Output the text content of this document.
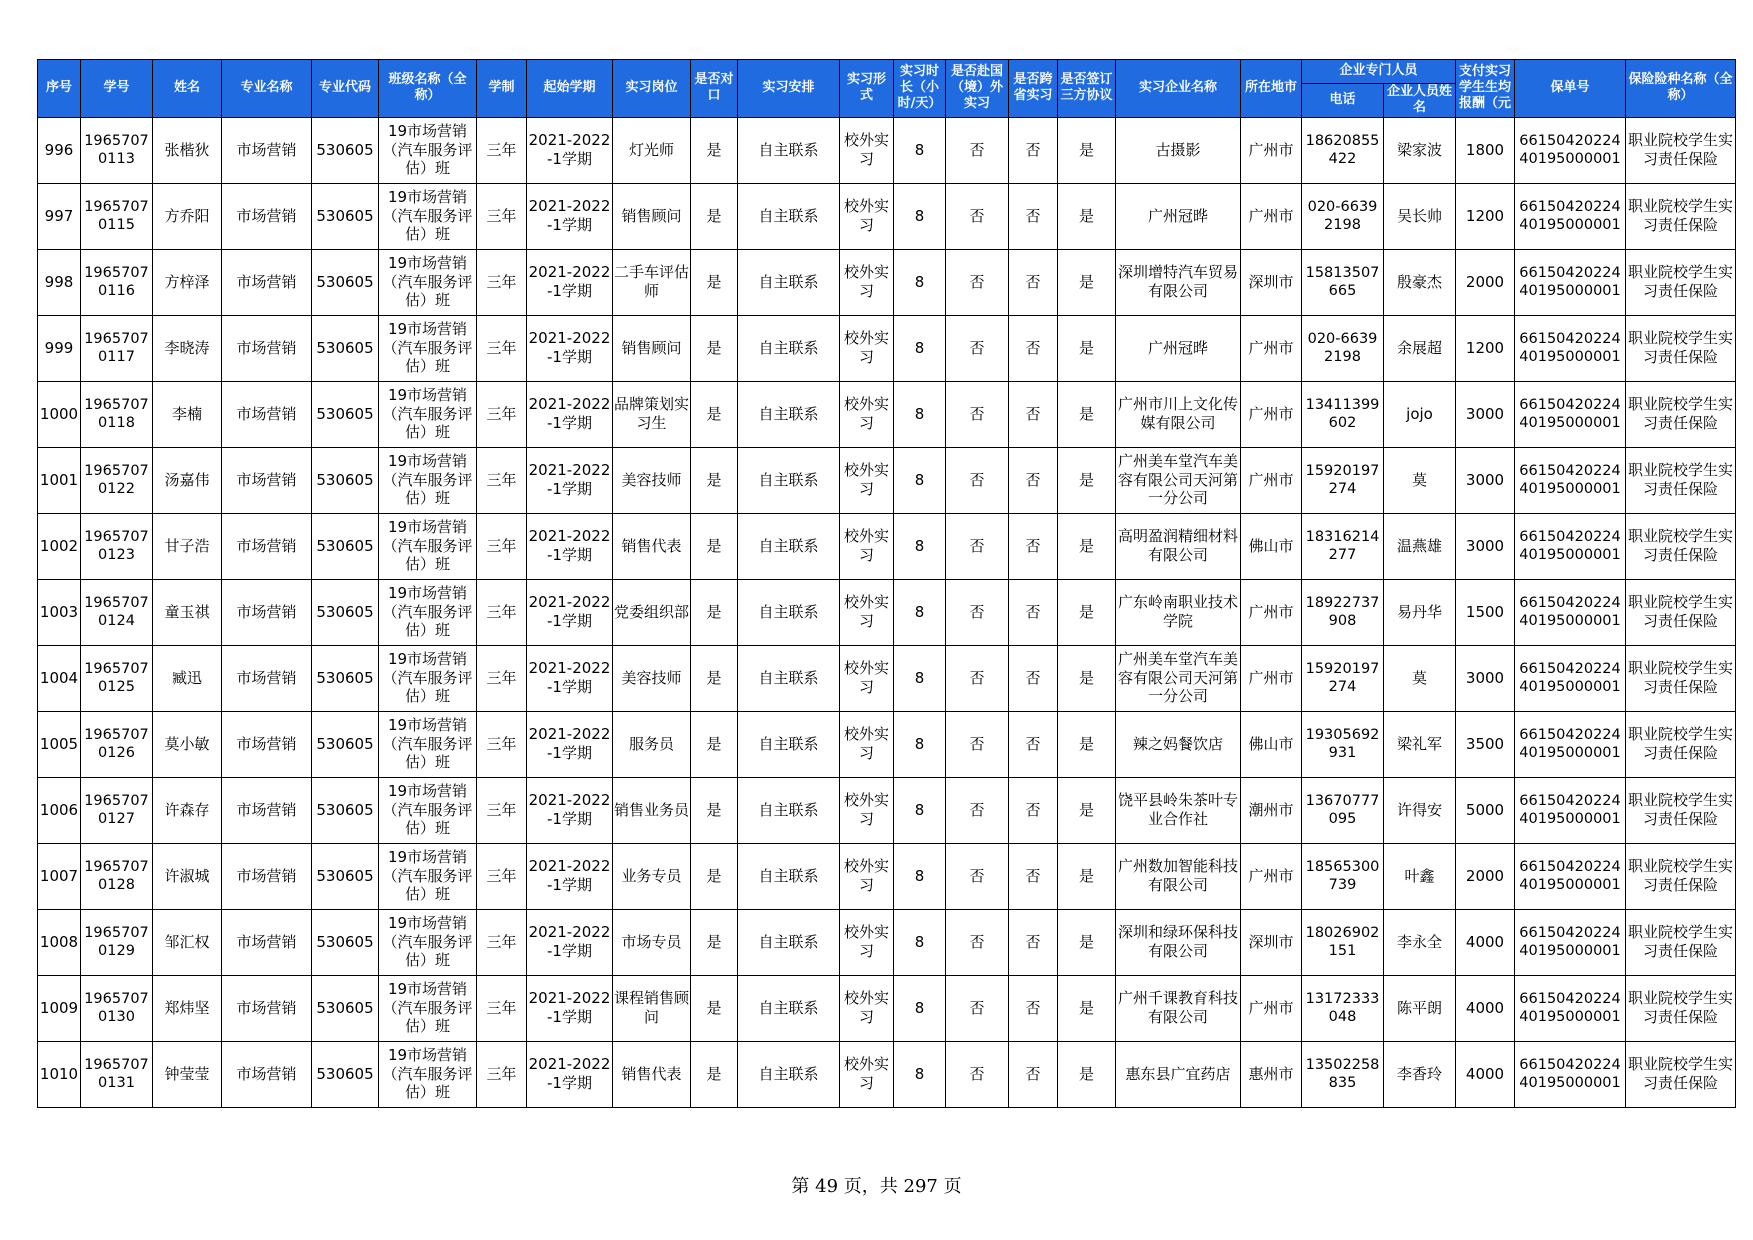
序号	学号	姓名	专业名称	专业代码	班级名称（全称）	学制	起始学期	实习岗位	是否对口	实习安排	实习形式	实习时长（小时/天）	是否赴国（境）外实习	是否跨省实习	是否签订三方协议	实习企业名称	所在地市	企业专门人员		支付实习学生生均报酬（元	保单号	保险险种名称（全称）
																		电话	企业人员姓名			
996	19657070113	张楷狄	市场营销	530605	19市场营销（汽车服务评估）班	三年	2021-2022-1学期	灯光师	是	自主联系	校外实习	8	否	否	是	古摄影	广州市	18620855422	梁家波	1800	6615042022440195000001	职业院校学生实习责任保险
997	19657070115	方乔阳	市场营销	530605	19市场营销（汽车服务评估）班	三年	2021-2022-1学期	销售顾问	是	自主联系	校外实习	8	否	否	是	广州冠晔	广州市	020-66392198	吴长帅	1200	6615042022440195000001	职业院校学生实习责任保险
998	19657070116	方梓泽	市场营销	530605	19市场营销（汽车服务评估）班	三年	2021-2022-1学期	二手车评估师	是	自主联系	校外实习	8	否	否	是	深圳增特汽车贸易有限公司	深圳市	15813507665	殷豪杰	2000	6615042022440195000001	职业院校学生实习责任保险
999	19657070117	李晓涛	市场营销	530605	19市场营销（汽车服务评估）班	三年	2021-2022-1学期	销售顾问	是	自主联系	校外实习	8	否	否	是	广州冠晔	广州市	020-66392198	余展超	1200	6615042022440195000001	职业院校学生实习责任保险
1000	19657070118	李楠	市场营销	530605	19市场营销（汽车服务评估）班	三年	2021-2022-1学期	品牌策划实习生	是	自主联系	校外实习	8	否	否	是	广州市川上文化传媒有限公司	广州市	13411399602	jojo	3000	6615042022440195000001	职业院校学生实习责任保险
1001	19657070122	汤嘉伟	市场营销	530605	19市场营销（汽车服务评估）班	三年	2021-2022-1学期	美容技师	是	自主联系	校外实习	8	否	否	是	广州美车堂汽车美容有限公司天河第一分公司	广州市	15920197274	莫	3000	6615042022440195000001	职业院校学生实习责任保险
1002	19657070123	甘子浩	市场营销	530605	19市场营销（汽车服务评估）班	三年	2021-2022-1学期	销售代表	是	自主联系	校外实习	8	否	否	是	高明盈润精细材料有限公司	佛山市	18316214277	温燕雄	3000	6615042022440195000001	职业院校学生实习责任保险
1003	19657070124	童玉祺	市场营销	530605	19市场营销（汽车服务评估）班	三年	2021-2022-1学期	党委组织部	是	自主联系	校外实习	8	否	否	是	广东岭南职业技术学院	广州市	18922737908	易丹华	1500	6615042022440195000001	职业院校学生实习责任保险
1004	19657070125	臧迅	市场营销	530605	19市场营销（汽车服务评估）班	三年	2021-2022-1学期	美容技师	是	自主联系	校外实习	8	否	否	是	广州美车堂汽车美容有限公司天河第一分公司	广州市	15920197274	莫	3000	6615042022440195000001	职业院校学生实习责任保险
1005	19657070126	莫小敏	市场营销	530605	19市场营销（汽车服务评估）班	三年	2021-2022-1学期	服务员	是	自主联系	校外实习	8	否	否	是	辣之妈餐饮店	佛山市	19305692931	梁礼军	3500	6615042022440195000001	职业院校学生实习责任保险
1006	19657070127	许森存	市场营销	530605	19市场营销（汽车服务评估）班	三年	2021-2022-1学期	销售业务员	是	自主联系	校外实习	8	否	否	是	饶平县岭朱茶叶专业合作社	潮州市	13670777095	许得安	5000	6615042022440195000001	职业院校学生实习责任保险
1007	19657070128	许淑城	市场营销	530605	19市场营销（汽车服务评估）班	三年	2021-2022-1学期	业务专员	是	自主联系	校外实习	8	否	否	是	广州数加智能科技有限公司	广州市	18565300739	叶鑫	2000	6615042022440195000001	职业院校学生实习责任保险
1008	19657070129	邹汇权	市场营销	530605	19市场营销（汽车服务评估）班	三年	2021-2022-1学期	市场专员	是	自主联系	校外实习	8	否	否	是	深圳和绿环保科技有限公司	深圳市	18026902151	李永全	4000	6615042022440195000001	职业院校学生实习责任保险
1009	19657070130	郑炜坚	市场营销	530605	19市场营销（汽车服务评估）班	三年	2021-2022-1学期	课程销售顾问	是	自主联系	校外实习	8	否	否	是	广州千课教育科技有限公司	广州市	13172333048	陈平朗	4000	6615042022440195000001	职业院校学生实习责任保险
1010	19657070131	钟莹莹	市场营销	530605	19市场营销（汽车服务评估）班	三年	2021-2022-1学期	销售代表	是	自主联系	校外实习	8	否	否	是	惠东县广宜药店	惠州市	13502258835	李香玲	4000	6615042022440195000001	职业院校学生实习责任保险
第 49 页，共 297 页
